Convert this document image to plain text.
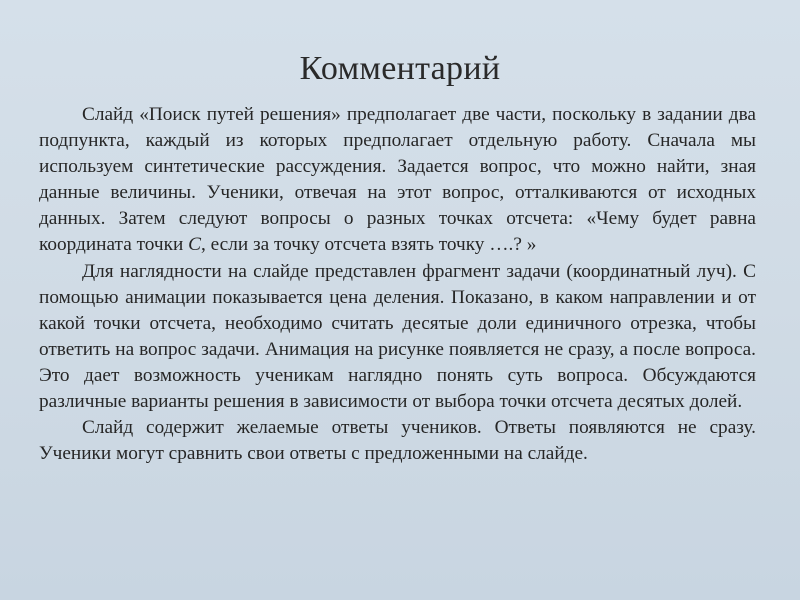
Комментарий

Слайд «Поиск путей решения» предполагает две части, поскольку в задании два подпункта, каждый из которых предполагает отдельную работу. Сначала мы используем синтетические рассуждения. Задается вопрос, что можно найти, зная данные величины. Ученики, отвечая на этот вопрос, отталкиваются от исходных данных. Затем следуют вопросы о разных точках отсчета: «Чему будет равна координата точки С, если за точку отсчета взять точку ….? »

Для наглядности на слайде представлен фрагмент задачи (координатный луч). С помощью анимации показывается цена деления. Показано, в каком направлении и от какой точки отсчета, необходимо считать десятые доли единичного отрезка, чтобы ответить на вопрос задачи. Анимация на рисунке появляется не сразу, а после вопроса. Это дает возможность ученикам наглядно понять суть вопроса. Обсуждаются различные варианты решения в зависимости от выбора точки отсчета десятых долей.

Слайд содержит желаемые ответы учеников. Ответы появляются не сразу. Ученики могут сравнить свои ответы с предложенными на слайде.
